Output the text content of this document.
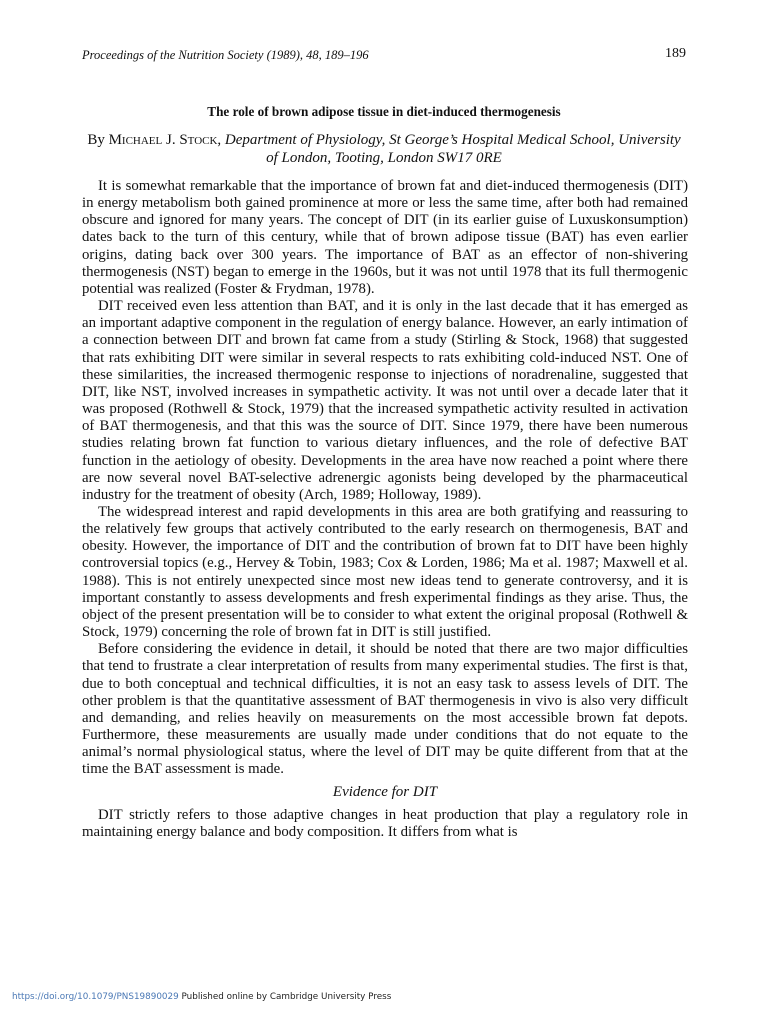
Proceedings of the Nutrition Society (1989), 48, 189–196	189
The role of brown adipose tissue in diet-induced thermogenesis
By Michael J. Stock, Department of Physiology, St George’s Hospital Medical School, University of London, Tooting, London SW17 0RE

It is somewhat remarkable that the importance of brown fat and diet-induced thermogenesis (DIT) in energy metabolism both gained prominence at more or less the same time, after both had remained obscure and ignored for many years. The concept of DIT (in its earlier guise of Luxuskonsumption) dates back to the turn of this century, while that of brown adipose tissue (BAT) has even earlier origins, dating back over 300 years. The importance of BAT as an effector of non-shivering thermogenesis (NST) began to emerge in the 1960s, but it was not until 1978 that its full thermogenic potential was realized (Foster & Frydman, 1978).

DIT received even less attention than BAT, and it is only in the last decade that it has emerged as an important adaptive component in the regulation of energy balance. However, an early intimation of a connection between DIT and brown fat came from a study (Stirling & Stock, 1968) that suggested that rats exhibiting DIT were similar in several respects to rats exhibiting cold-induced NST. One of these similarities, the increased thermogenic response to injections of noradrenaline, suggested that DIT, like NST, involved increases in sympathetic activity. It was not until over a decade later that it was proposed (Rothwell & Stock, 1979) that the increased sympathetic activity resulted in activation of BAT thermogenesis, and that this was the source of DIT. Since 1979, there have been numerous studies relating brown fat function to various dietary influences, and the role of defective BAT function in the aetiology of obesity. Developments in the area have now reached a point where there are now several novel BAT-selective adrenergic agonists being developed by the pharmaceutical industry for the treatment of obesity (Arch, 1989; Holloway, 1989).

The widespread interest and rapid developments in this area are both gratifying and reassuring to the relatively few groups that actively contributed to the early research on thermogenesis, BAT and obesity. However, the importance of DIT and the contribution of brown fat to DIT have been highly controversial topics (e.g., Hervey & Tobin, 1983; Cox & Lorden, 1986; Ma et al. 1987; Maxwell et al. 1988). This is not entirely unexpected since most new ideas tend to generate controversy, and it is important constantly to assess developments and fresh experimental findings as they arise. Thus, the object of the present presentation will be to consider to what extent the original proposal (Rothwell & Stock, 1979) concerning the role of brown fat in DIT is still justified.

Before considering the evidence in detail, it should be noted that there are two major difficulties that tend to frustrate a clear interpretation of results from many experimental studies. The first is that, due to both conceptual and technical difficulties, it is not an easy task to assess levels of DIT. The other problem is that the quantitative assessment of BAT thermogenesis in vivo is also very difficult and demanding, and relies heavily on measurements on the most accessible brown fat depots. Furthermore, these measurements are usually made under conditions that do not equate to the animal’s normal physiological status, where the level of DIT may be quite different from that at the time the BAT assessment is made.

Evidence for DIT

DIT strictly refers to those adaptive changes in heat production that play a regulatory role in maintaining energy balance and body composition. It differs from what is

https://doi.org/10.1079/PNS19890029 Published online by Cambridge University Press
